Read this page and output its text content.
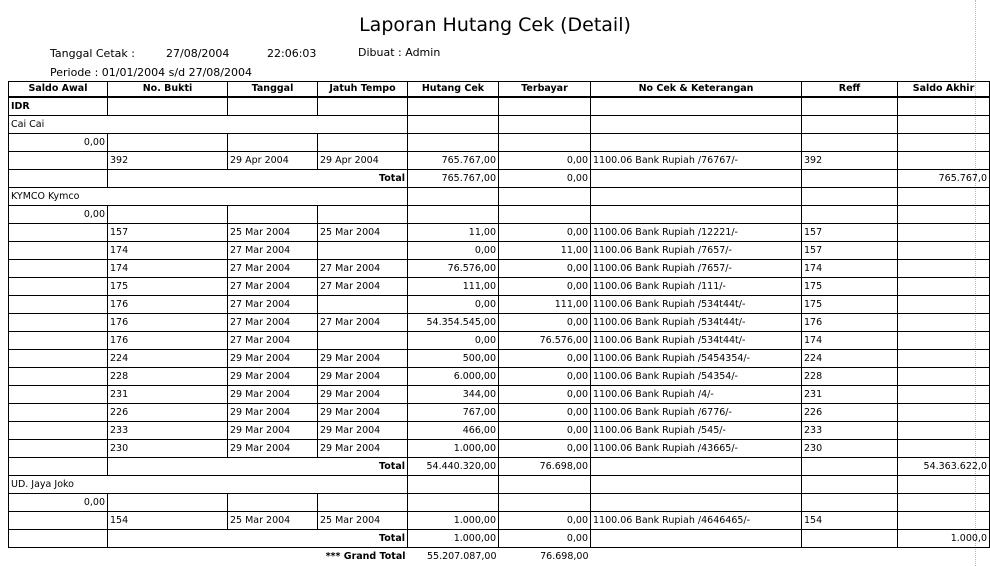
Laporan Hutang Cek (Detail)
Tanggal Cetak :	27/08/2004	22:06:03	Dibuat : Admin
Periode : 01/01/2004 s/d 27/08/2004
Saldo Awal	No. Bukti	Tanggal	Jatuh Tempo	Hutang Cek	Terbayar	No Cek & Keterangan	Reff	Saldo Akhir
IDR								
Cai Cai								
0,00								
	392	29 Apr 2004	29 Apr 2004	765.767,00	0,00	1100.06 Bank Rupiah /76767/-	392	
	Total			765.767,00	0,00			765.767,0
KYMCO Kymco								
0,00								
	157	25 Mar 2004	25 Mar 2004	11,00	0,00	1100.06 Bank Rupiah /12221/-	157	
	174	27 Mar 2004		0,00	11,00	1100.06 Bank Rupiah /7657/-	157	
	174	27 Mar 2004	27 Mar 2004	76.576,00	0,00	1100.06 Bank Rupiah /7657/-	174	
	175	27 Mar 2004	27 Mar 2004	111,00	0,00	1100.06 Bank Rupiah /111/-	175	
	176	27 Mar 2004		0,00	111,00	1100.06 Bank Rupiah /534t44t/-	175	
	176	27 Mar 2004	27 Mar 2004	54.354.545,00	0,00	1100.06 Bank Rupiah /534t44t/-	176	
	176	27 Mar 2004		0,00	76.576,00	1100.06 Bank Rupiah /534t44t/-	174	
	224	29 Mar 2004	29 Mar 2004	500,00	0,00	1100.06 Bank Rupiah /5454354/-	224	
	228	29 Mar 2004	29 Mar 2004	6.000,00	0,00	1100.06 Bank Rupiah /54354/-	228	
	231	29 Mar 2004	29 Mar 2004	344,00	0,00	1100.06 Bank Rupiah /4/-	231	
	226	29 Mar 2004	29 Mar 2004	767,00	0,00	1100.06 Bank Rupiah /6776/-	226	
	233	29 Mar 2004	29 Mar 2004	466,00	0,00	1100.06 Bank Rupiah /545/-	233	
	230	29 Mar 2004	29 Mar 2004	1.000,00	0,00	1100.06 Bank Rupiah /43665/-	230	
	Total			54.440.320,00	76.698,00			54.363.622,0
UD. Jaya Joko								
0,00								
	154	25 Mar 2004	25 Mar 2004	1.000,00	0,00	1100.06 Bank Rupiah /4646465/-	154	
	Total			1.000,00	0,00			1.000,0
*** Grand Total				55.207.087,00	76.698,00			
